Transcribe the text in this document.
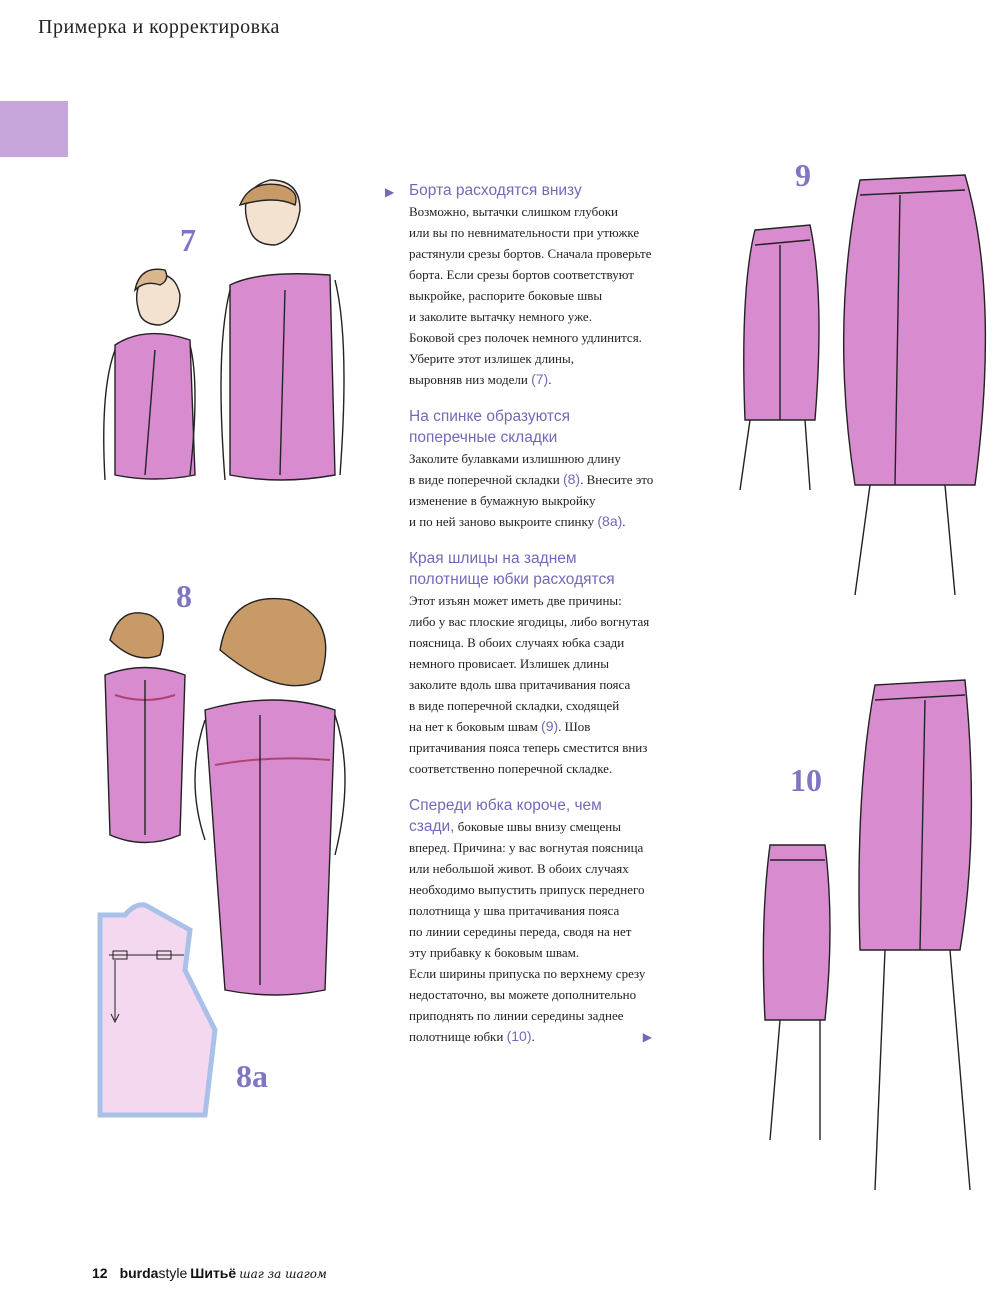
Примерка и корректировка
7
8
8а
9
10
▶ Борта расходятся внизу

Возможно, вытачки слишком глубоки
или вы по невнимательности при утюжке
растянули срезы бортов. Сначала проверьте
борта. Если срезы бортов соответствуют
выкройке, распорите боковые швы
и заколите вытачку немного уже.
Боковой срез полочек немного удлинится.
Уберите этот излишек длины,
выровняв низ модели (7).

На спинке образуются
поперечные складки

Заколите булавками излишнюю длину
в виде поперечной складки (8). Внесите это
изменение в бумажную выкройку
и по ней заново выкроите спинку (8а).

Края шлицы на заднем
полотнище юбки расходятся

Этот изъян может иметь две причины:
либо у вас плоские ягодицы, либо вогнутая
поясница. В обоих случаях юбка сзади
немного провисает. Излишек длины
заколите вдоль шва притачивания пояса
в виде поперечной складки, сходящей
на нет к боковым швам (9). Шов
притачивания пояса теперь сместится вниз
соответственно поперечной складке.

Спереди юбка короче, чем
сзади, боковые швы внизу смещены
вперед. Причина: у вас вогнутая поясница
или небольшой живот. В обоих случаях
необходимо выпустить припуск переднего
полотнища у шва притачивания пояса
по линии середины переда, сводя на нет
эту прибавку к боковым швам.
Если ширины припуска по верхнему срезу
недостаточно, вы можете дополнительно
приподнять по линии середины заднее
полотнище юбки (10).	▶

12 burdastyle Шитьё шаг за шагом
